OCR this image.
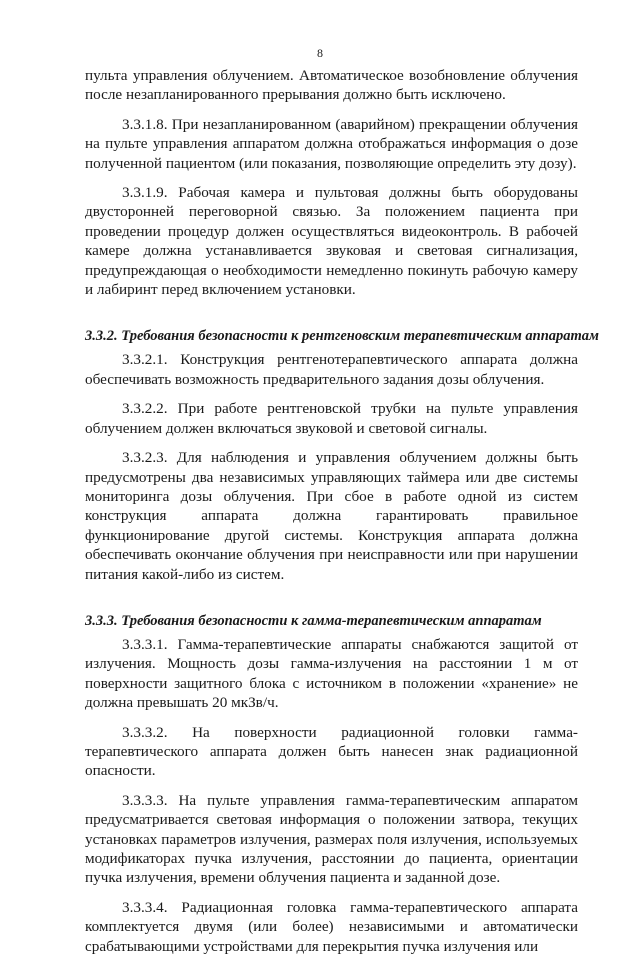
8

пульта управления облучением. Автоматическое возобновление облучения после незапланированного прерывания должно быть исключено.

3.3.1.8. При незапланированном (аварийном) прекращении облучения на пульте управления аппаратом должна отображаться информация о дозе полученной пациентом (или показания, позволяющие определить эту дозу).

3.3.1.9. Рабочая камера и пультовая должны быть оборудованы двусторонней переговорной связью. За положением пациента при проведении процедур должен осуществляться видеоконтроль. В рабочей камере должна устанавливается звуковая и световая сигнализация, предупреждающая о необходимости немедленно покинуть рабочую камеру и лабиринт перед включением установки.

3.3.2. Требования безопасности к рентгеновским терапевтическим аппаратам

3.3.2.1. Конструкция рентгенотерапевтического аппарата должна обеспечивать возможность предварительного задания дозы облучения.

3.3.2.2. При работе рентгеновской трубки на пульте управления облучением должен включаться звуковой и световой сигналы.

3.3.2.3. Для наблюдения и управления облучением должны быть предусмотрены два независимых управляющих таймера или две системы мониторинга дозы облучения. При сбое в работе одной из систем конструкция аппарата должна гарантировать правильное функционирование другой системы. Конструкция аппарата должна обеспечивать окончание облучения при неисправности или при нарушении питания какой-либо из систем.

3.3.3. Требования безопасности к гамма-терапевтическим аппаратам

3.3.3.1. Гамма-терапевтические аппараты снабжаются защитой от излучения. Мощность дозы гамма-излучения на расстоянии 1 м от поверхности защитного блока с источником в положении «хранение» не должна превышать 20 мкЗв/ч.

3.3.3.2. На поверхности радиационной головки гамма-терапевтического аппарата должен быть нанесен знак радиационной опасности.

3.3.3.3. На пульте управления гамма-терапевтическим аппаратом предусматривается световая информация о положении затвора, текущих установках параметров излучения, размерах поля излучения, используемых модификаторах пучка излучения, расстоянии до пациента, ориентации пучка излучения, времени облучения пациента и заданной дозе.

3.3.3.4. Радиационная головка гамма-терапевтического аппарата комплектуется двумя (или более) независимыми и автоматически срабатывающими устройствами для перекрытия пучка излучения или
